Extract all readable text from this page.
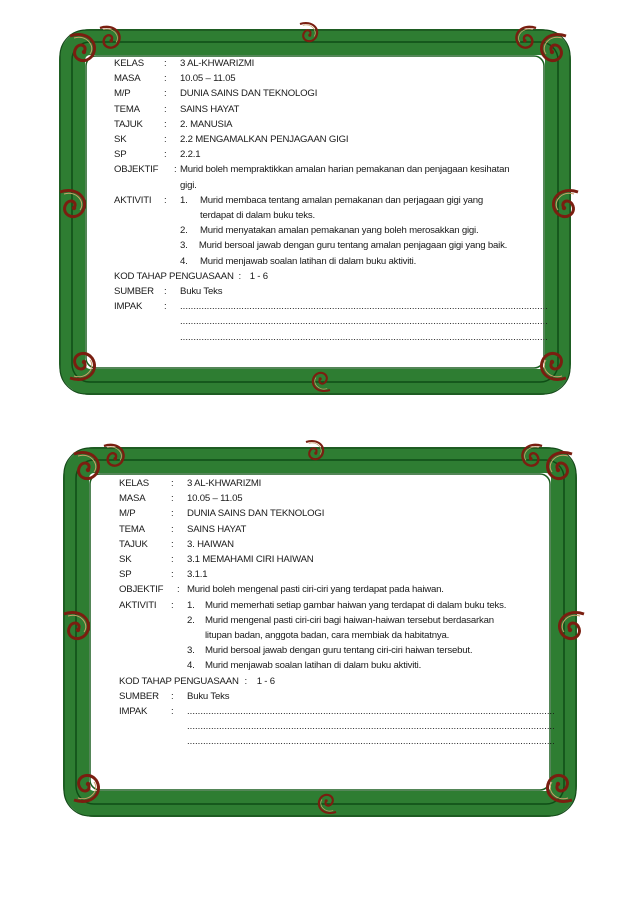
KELAS	:	3 AL-KHWARIZMI
MASA	:	10.05 – 11.05
M/P	:	DUNIA SAINS DAN TEKNOLOGI
TEMA	:	SAINS HAYAT
TAJUK	:	2. MANUSIA
SK	:	2.2 MENGAMALKAN PENJAGAAN GIGI
SP	:	2.2.1
OBJEKTIF	: Murid boleh mempraktikkan amalan harian pemakanan dan penjagaan kesihatan gigi.
AKTIVITI	:	1.	Murid membaca tentang amalan pemakanan dan perjagaan gigi yang terdapat di dalam buku teks.
2.	Murid menyatakan amalan pemakanan yang boleh merosakkan gigi.
3.	Murid bersoal jawab dengan guru tentang amalan penjagaan gigi yang baik.
4.	Murid menjawab soalan latihan di dalam buku aktiviti.
KOD TAHAP PENGUASAAN : 1 - 6
SUMBER	:	Buku Teks
IMPAK	:	..........................................................................................................................................
..........................................................................................................................................
..........................................................................................................................................
KELAS	:	3 AL-KHWARIZMI
MASA	:	10.05 – 11.05
M/P	:	DUNIA SAINS DAN TEKNOLOGI
TEMA	:	SAINS HAYAT
TAJUK	:	3. HAIWAN
SK	:	3.1 MEMAHAMI CIRI HAIWAN
SP	:	3.1.1
OBJEKTIF	: Murid boleh mengenal pasti ciri-ciri yang terdapat pada haiwan.
AKTIVITI	:	1.	Murid memerhati setiap gambar haiwan yang terdapat di dalam buku teks.
2.	Murid mengenal pasti ciri-ciri bagi haiwan-haiwan tersebut berdasarkan litupan badan, anggota badan, cara membiak da habitatnya.
3.	Murid bersoal jawab dengan guru tentang ciri-ciri haiwan tersebut.
4.	Murid menjawab soalan latihan di dalam buku aktiviti.
KOD TAHAP PENGUASAAN :	1 - 6
SUMBER	:	Buku Teks
IMPAK	:	..........................................................................................................................................
..........................................................................................................................................
..........................................................................................................................................
